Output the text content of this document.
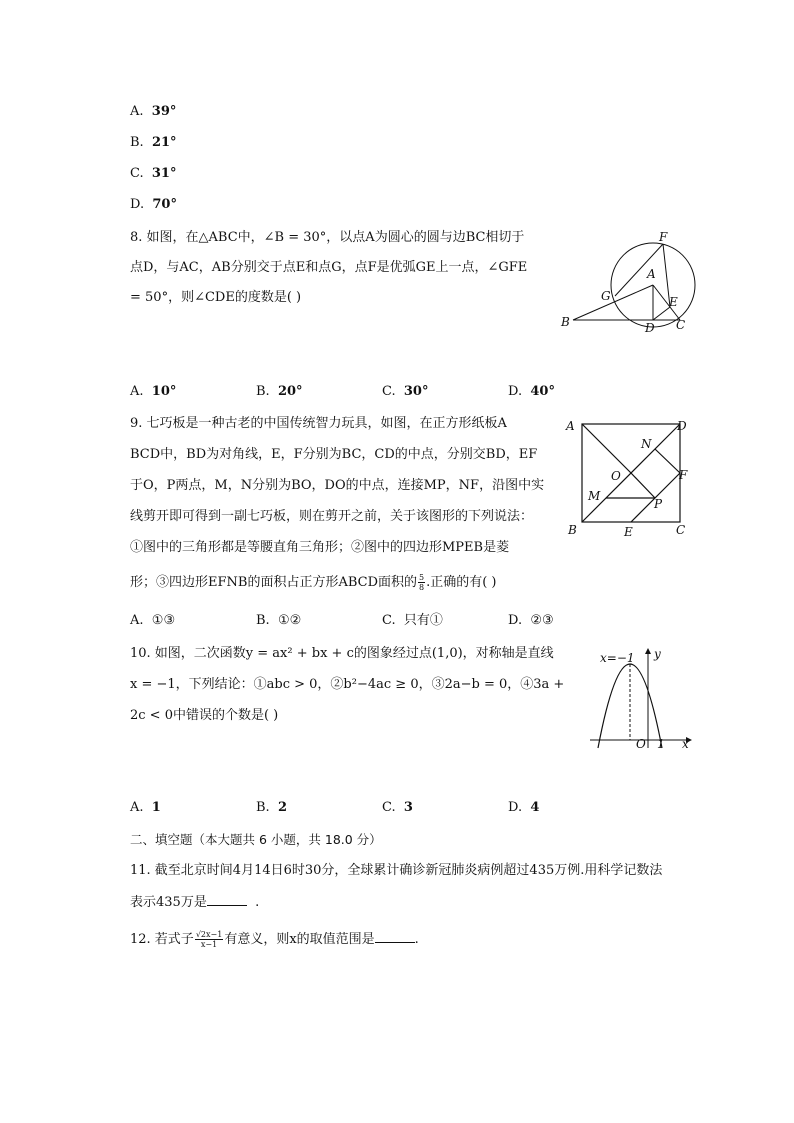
A. 39°
B. 21°
C. 31°
D. 70°
8. 如图，在△ABC中，∠B = 30°，以点A为圆心的圆与边BC相切于
点D，与AC，AB分别交于点E和点G，点F是优弧GE上一点，∠GFE
= 50°，则∠CDE的度数是( )
F
A
G	E
B	D C
A. 10°	B. 20°	C. 30°	D. 40°
9. 七巧板是一种古老的中国传统智力玩具，如图，在正方形纸板A
BCD中，BD为对角线，E，F分别为BC，CD的中点，分别交BD，EF
于O，P两点，M，N分别为BO，DO的中点，连接MP，NF，沿图中实
线剪开即可得到一副七巧板，则在剪开之前，关于该图形的下列说法：
①图中的三角形都是等腰直角三角形；②图中的四边形MPEB是菱
形；③四边形EFNB的面积占正方形ABCD面积的 $\frac{5}{8}$ .正确的有( )
A	D
N
F
O
M
P
B	E	C
A. ①③	B. ①②	C. 只有①	D. ②③
10. 如图，二次函数y = ax² + bx + c的图象经过点(1,0)，对称轴是直线
x = −1，下列结论：①abc > 0，②b²−4ac ≥ 0，③2a−b = 0，④3a +
2c < 0中错误的个数是( )
x=−1 y
O 1 x
A. 1	B. 2	C. 3	D. 4
二、填空题（本大题共 6 小题，共 18.0 分）
11. 截至北京时间4月14日6时30分，全球累计确诊新冠肺炎病例超过435万例.用科学记数法
表示435万是	.
12. 若式子 $\frac{√2x-1}{x-1}$ 有意义，则x的取值范围是	.
